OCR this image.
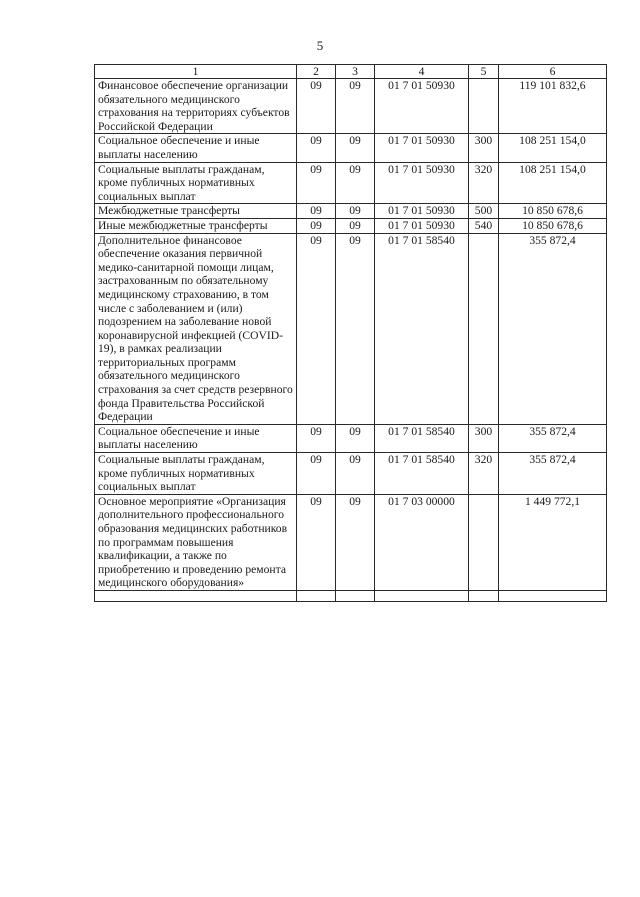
5
1	2	3	4	5	6
Финансовое обеспечение организации обязательного медицинского страхования на территориях субъектов Российской Федерации	09	09	01 7 01 50930		119 101 832,6
Социальное обеспечение и иные выплаты населению	09	09	01 7 01 50930	300	108 251 154,0
Социальные выплаты гражданам, кроме публичных нормативных социальных выплат	09	09	01 7 01 50930	320	108 251 154,0
Межбюджетные трансферты	09	09	01 7 01 50930	500	10 850 678,6
Иные межбюджетные трансферты	09	09	01 7 01 50930	540	10 850 678,6
Дополнительное финансовое обеспечение оказания первичной медико-санитарной помощи лицам, застрахованным по обязательному медицинскому страхованию, в том числе с заболеванием и (или) подозрением на заболевание новой коронавирусной инфекцией (COVID-19), в рамках реализации территориальных программ обязательного медицинского страхования за счет средств резервного фонда Правительства Российской Федерации	09	09	01 7 01 58540		355 872,4
Социальное обеспечение и иные выплаты населению	09	09	01 7 01 58540	300	355 872,4
Социальные выплаты гражданам, кроме публичных нормативных социальных выплат	09	09	01 7 01 58540	320	355 872,4
Основное мероприятие «Организация дополнительного профессионального образования медицинских работников по программам повышения квалификации, а также по приобретению и проведению ремонта медицинского оборудования»	09	09	01 7 03 00000		1 449 772,1
